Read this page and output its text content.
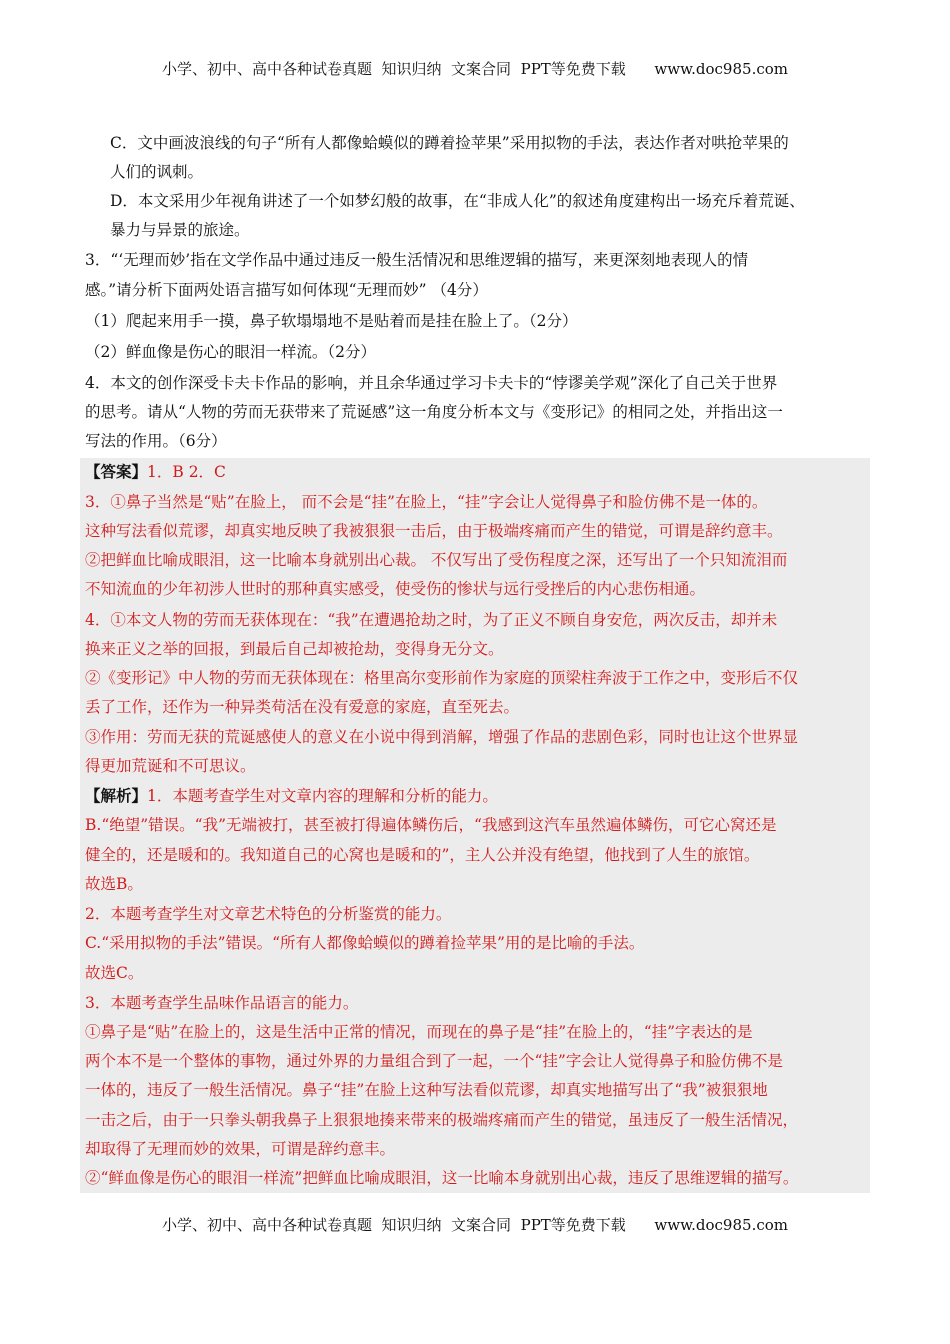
小学、初中、高中各种试卷真题  知识归纳  文案合同  PPT等免费下载      www.doc985.com
C．文中画波浪线的句子“所有人都像蛤蟆似的蹲着捡苹果”采用拟物的手法，表达作者对哄抢苹果的
人们的讽刺。
D．本文采用少年视角讲述了一个如梦幻般的故事，在“非成人化”的叙述角度建构出一场充斥着荒诞、
暴力与异景的旅途。
3．“‘无理而妙’指在文学作品中通过违反一般生活情况和思维逻辑的描写，来更深刻地表现人的情
感。”请分析下面两处语言描写如何体现“无理而妙” （4分）
（1）爬起来用手一摸，鼻子软塌塌地不是贴着而是挂在脸上了。（2分）
（2）鲜血像是伤心的眼泪一样流。（2分）
4．本文的创作深受卡夫卡作品的影响，并且余华通过学习卡夫卡的“悖谬美学观”深化了自己关于世界
的思考。请从“人物的劳而无获带来了荒诞感”这一角度分析本文与《变形记》的相同之处，并指出这一
写法的作用。（6分）
【答案】1．B 2．C
3．①鼻子当然是“贴”在脸上， 而不会是“挂”在脸上，“挂”字会让人觉得鼻子和脸仿佛不是一体的。
这种写法看似荒谬，却真实地反映了我被狠狠一击后，由于极端疼痛而产生的错觉，可谓是辞约意丰。
②把鲜血比喻成眼泪，这一比喻本身就别出心裁。 不仅写出了受伤程度之深，还写出了一个只知流泪而
不知流血的少年初涉人世时的那种真实感受，使受伤的惨状与远行受挫后的内心悲伤相通。
4．①本文人物的劳而无获体现在：“我”在遭遇抢劫之时，为了正义不顾自身安危，两次反击，却并未
换来正义之举的回报，到最后自己却被抢劫，变得身无分文。
②《变形记》中人物的劳而无获体现在：格里高尔变形前作为家庭的顶梁柱奔波于工作之中，变形后不仅
丢了工作，还作为一种异类苟活在没有爱意的家庭，直至死去。
③作用：劳而无获的荒诞感使人的意义在小说中得到消解，增强了作品的悲剧色彩，同时也让这个世界显
得更加荒诞和不可思议。
【解析】1．本题考查学生对文章内容的理解和分析的能力。
B.“绝望”错误。“我”无端被打，甚至被打得遍体鳞伤后，“我感到这汽车虽然遍体鳞伤，可它心窝还是
健全的，还是暖和的。我知道自己的心窝也是暖和的”，主人公并没有绝望，他找到了人生的旅馆。
故选B。
2．本题考查学生对文章艺术特色的分析鉴赏的能力。
C.“采用拟物的手法”错误。“所有人都像蛤蟆似的蹲着捡苹果”用的是比喻的手法。
故选C。
3．本题考查学生品味作品语言的能力。
①鼻子是“贴”在脸上的，这是生活中正常的情况，而现在的鼻子是“挂”在脸上的，“挂”字表达的是
两个本不是一个整体的事物，通过外界的力量组合到了一起，一个“挂”字会让人觉得鼻子和脸仿佛不是
一体的，违反了一般生活情况。鼻子“挂”在脸上这种写法看似荒谬，却真实地描写出了“我”被狠狠地
一击之后，由于一只拳头朝我鼻子上狠狠地揍来带来的极端疼痛而产生的错觉，虽违反了一般生活情况，
却取得了无理而妙的效果，可谓是辞约意丰。
②“鲜血像是伤心的眼泪一样流”把鲜血比喻成眼泪，这一比喻本身就别出心裁，违反了思维逻辑的描写。
小学、初中、高中各种试卷真题  知识归纳  文案合同  PPT等免费下载      www.doc985.com
